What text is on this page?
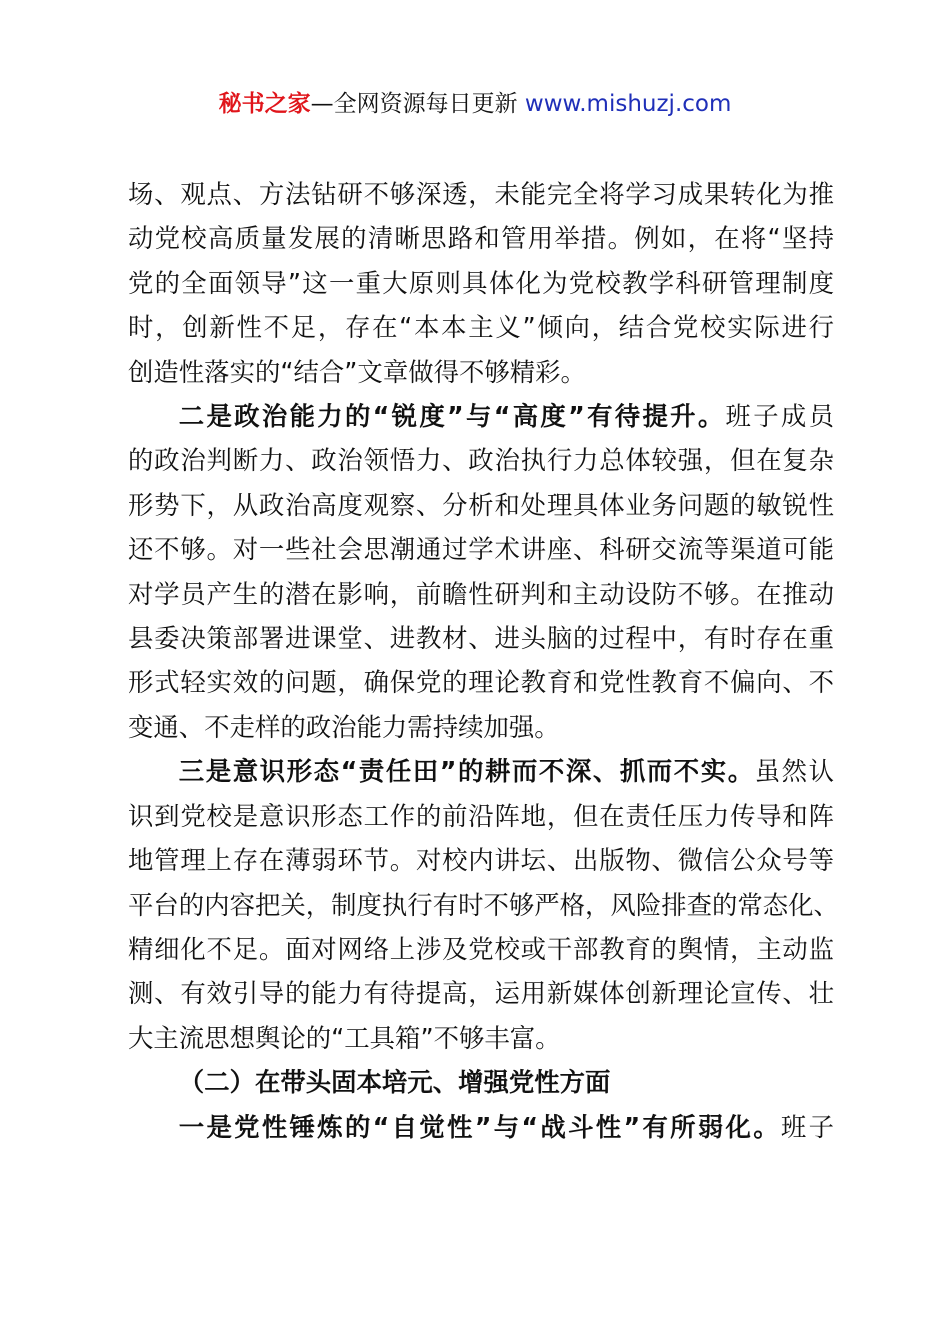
秘书之家—全网资源每日更新 www.mishuzj.com
场、观点、方法钻研不够深透，未能完全将学习成果转化为推
动党校高质量发展的清晰思路和管用举措。例如，在将“坚持
党的全面领导”这一重大原则具体化为党校教学科研管理制度
时，创新性不足，存在“本本主义”倾向，结合党校实际进行
创造性落实的“结合”文章做得不够精彩。
二是政治能力的“锐度”与“高度”有待提升。班子成员
的政治判断力、政治领悟力、政治执行力总体较强，但在复杂
形势下，从政治高度观察、分析和处理具体业务问题的敏锐性
还不够。对一些社会思潮通过学术讲座、科研交流等渠道可能
对学员产生的潜在影响，前瞻性研判和主动设防不够。在推动
县委决策部署进课堂、进教材、进头脑的过程中，有时存在重
形式轻实效的问题，确保党的理论教育和党性教育不偏向、不
变通、不走样的政治能力需持续加强。
三是意识形态“责任田”的耕而不深、抓而不实。虽然认
识到党校是意识形态工作的前沿阵地，但在责任压力传导和阵
地管理上存在薄弱环节。对校内讲坛、出版物、微信公众号等
平台的内容把关，制度执行有时不够严格，风险排查的常态化、
精细化不足。面对网络上涉及党校或干部教育的舆情，主动监
测、有效引导的能力有待提高，运用新媒体创新理论宣传、壮
大主流思想舆论的“工具箱”不够丰富。
（二）在带头固本培元、增强党性方面
一是党性锤炼的“自觉性”与“战斗性”有所弱化。班子
